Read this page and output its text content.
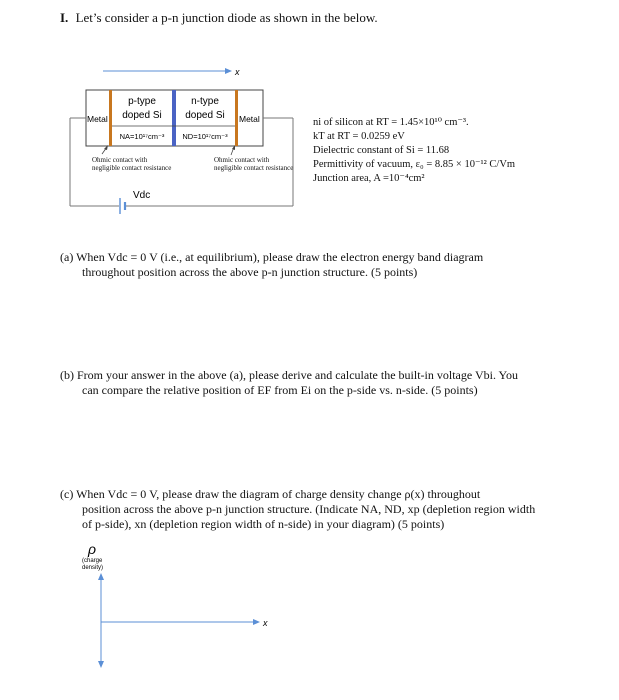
I. Let’s consider a p-n junction diode as shown in the below.
x
Metal	Metal
p-type
doped Si
n-type
doped Si
NA=10¹⁷cm⁻³ ND=10¹⁷cm⁻³
Vdc
Ohmic contact with
negligible contact resistance
Ohmic contact with
negligible contact resistance
ni of silicon at RT = 1.45×10¹⁰ cm⁻³.
kT at RT = 0.0259 eV
Dielectric constant of Si = 11.68
Permittivity of vacuum, ε₀ = 8.85 × 10⁻¹² C/Vm
Junction area, A =10⁻⁴cm²
(a) When Vdc = 0 V (i.e., at equilibrium), please draw the electron energy band diagram
throughout position across the above p-n junction structure. (5 points)
(b) From your answer in the above (a), please derive and calculate the built-in voltage Vbi. You
can compare the relative position of EF from Ei on the p-side vs. n-side. (5 points)
(c) When Vdc = 0 V, please draw the diagram of charge density change ρ(x) throughout
position across the above p-n junction structure. (Indicate NA, ND, xp (depletion region width
of p-side), xn (depletion region width of n-side) in your diagram) (5 points)
ρ
(charge
density)
x
